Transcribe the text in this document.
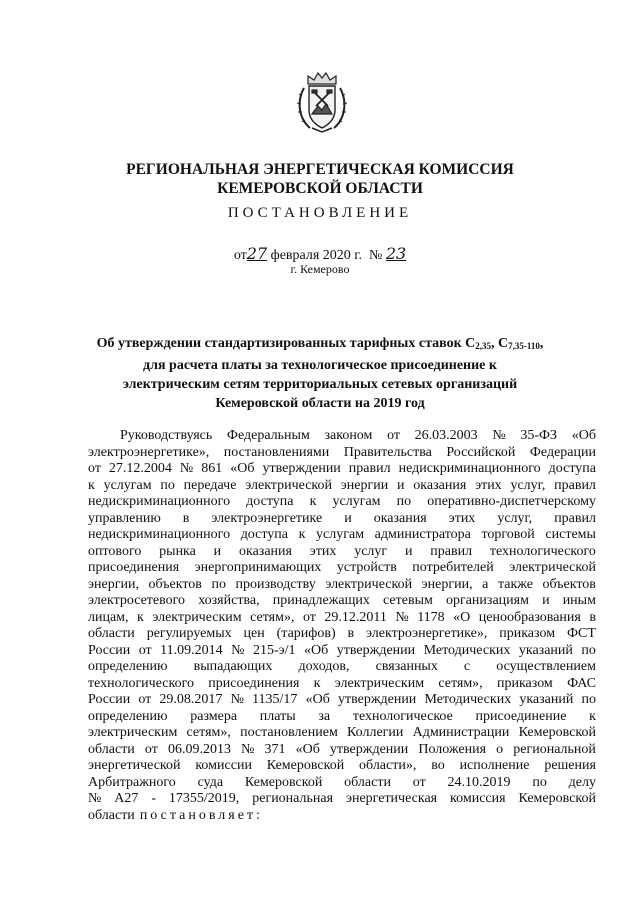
РЕГИОНАЛЬНАЯ ЭНЕРГЕТИЧЕСКАЯ КОМИССИЯ
КЕМЕРОВСКОЙ ОБЛАСТИ
ПОСТАНОВЛЕНИЕ
от27 февраля 2020 г. № 23
г. Кемерово
Об утверждении стандартизированных тарифных ставок $С_{2,35}$, $С_{7,35-110}$,
для расчета платы за технологическое присоединение к
электрическим сетям территориальных сетевых организаций
Кемеровской области на 2019 год
Руководствуясь Федеральным законом от 26.03.2003 № 35-ФЗ «Об
электроэнергетике», постановлениями Правительства Российской Федерации
от 27.12.2004 № 861 «Об утверждении правил недискриминационного доступа
к услугам по передаче электрической энергии и оказания этих услуг, правил
недискриминационного доступа к услугам по оперативно-диспетчерскому
управлению в электроэнергетике и оказания этих услуг, правил
недискриминационного доступа к услугам администратора торговой системы
оптового рынка и оказания этих услуг и правил технологического
присоединения энергопринимающих устройств потребителей электрической
энергии, объектов по производству электрической энергии, а также объектов
электросетевого хозяйства, принадлежащих сетевым организациям и иным
лицам, к электрическим сетям», от 29.12.2011 № 1178 «О ценообразования в
области регулируемых цен (тарифов) в электроэнергетике», приказом ФСТ
России от 11.09.2014 № 215-э/1 «Об утверждении Методических указаний по
определению выпадающих доходов, связанных с осуществлением
технологического присоединения к электрическим сетям», приказом ФАС
России от 29.08.2017 № 1135/17 «Об утверждении Методических указаний по
определению размера платы за технологическое присоединение к
электрическим сетям», постановлением Коллегии Администрации Кемеровской
области от 06.09.2013 № 371 «Об утверждении Положения о региональной
энергетической комиссии Кемеровской области», во исполнение решения
Арбитражного суда Кемеровской области от 24.10.2019 по делу
№ А27 - 17355/2019, региональная энергетическая комиссия Кемеровской
области постановляет:
